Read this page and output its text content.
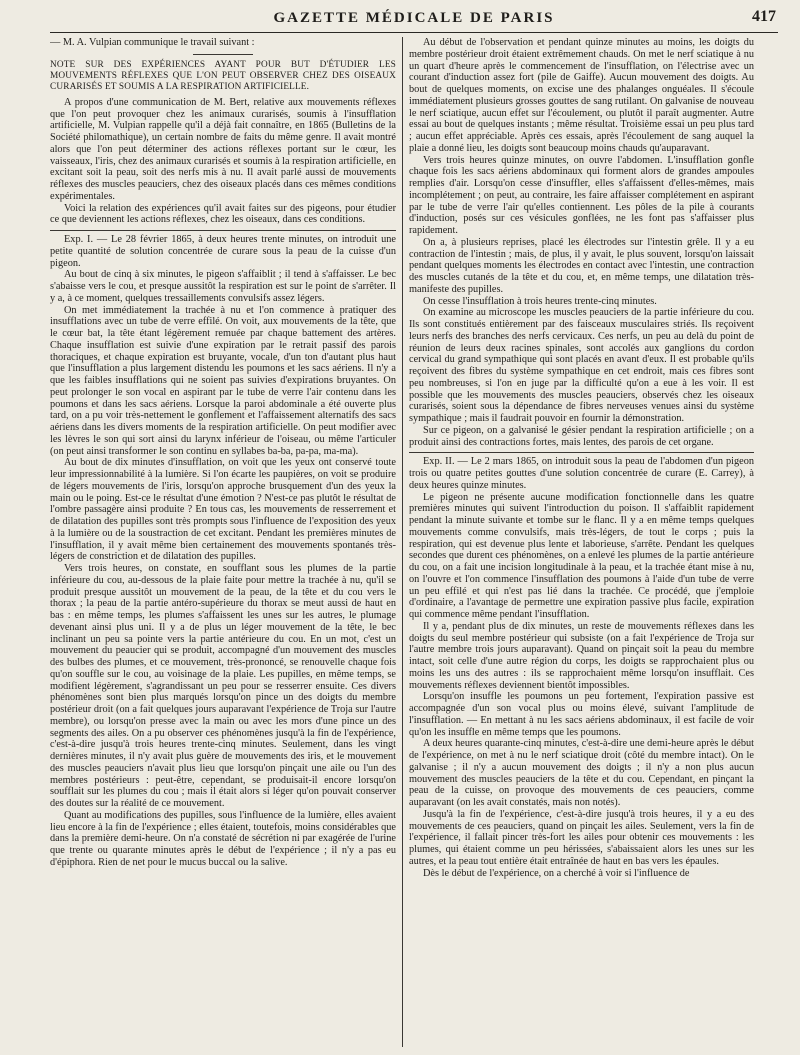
GAZETTE MÉDICALE DE PARIS	417

— M. A. Vulpian communique le travail suivant :

NOTE SUR DES EXPÉRIENCES AYANT POUR BUT D'ÉTUDIER LES MOUVEMENTS RÉFLEXES QUE L'ON PEUT OBSERVER CHEZ DES OISEAUX CURARISÉS ET SOUMIS A LA RESPIRATION ARTIFICIELLE.

A propos d'une communication de M. Bert, relative aux mouvements réflexes que l'on peut provoquer chez les animaux curarisés, soumis à l'insufflation artificielle, M. Vulpian rappelle qu'il a déjà fait connaître, en 1865 (Bulletins de la Société philomathique), un certain nombre de faits du même genre. Il avait montré alors que l'on peut déterminer des actions réflexes portant sur le cœur, les vaisseaux, l'iris, chez des animaux curarisés et soumis à la respiration artificielle, en excitant soit la peau, soit des nerfs mis à nu. Il avait parlé aussi de mouvements réflexes des muscles peauciers, chez des oiseaux placés dans ces mêmes conditions expérimentales.

Voici la relation des expériences qu'il avait faites sur des pigeons, pour étudier ce que deviennent les actions réflexes, chez les oiseaux, dans ces conditions.

Exp. I. — Le 28 février 1865, à deux heures trente minutes, on introduit une petite quantité de solution concentrée de curare sous la peau de la cuisse d'un pigeon.

Au bout de cinq à six minutes, le pigeon s'affaiblit ; il tend à s'affaisser. Le bec s'abaisse vers le cou, et presque aussitôt la respiration est sur le point de s'arrêter. Il y a, à ce moment, quelques tressaillements convulsifs assez légers.

On met immédiatement la trachée à nu et l'on commence à pratiquer des insufflations avec un tube de verre effilé. On voit, aux mouvements de la tête, que le cœur bat, la tête étant légèrement remuée par chaque battement des artères. Chaque insufflation est suivie d'une expiration par le retrait passif des parois thoraciques, et chaque expiration est bruyante, vocale, d'un ton d'autant plus haut que l'insufflation a plus largement distendu les poumons et les sacs aériens. Il n'y a que les faibles insufflations qui ne soient pas suivies d'expirations bruyantes. On peut prolonger le son vocal en aspirant par le tube de verre l'air contenu dans les poumons et dans les sacs aériens. Lorsque la paroi abdominale a été ouverte plus tard, on a pu voir très-nettement le gonflement et l'affaissement alternatifs des sacs aériens dans les divers moments de la respiration artificielle. On peut modifier avec les lèvres le son qui sort ainsi du larynx inférieur de l'oiseau, ou même l'articuler (on peut ainsi transformer le son continu en syllabes ba-ba, pa-pa, ma-ma).

Au bout de dix minutes d'insufflation, on voit que les yeux ont conservé toute leur impressionnabilité à la lumière. Si l'on écarte les paupières, on voit se produire de légers mouvements de l'iris, lorsqu'on approche brusquement d'un des yeux la main ou le poing. Est-ce le résultat d'une émotion ? N'est-ce pas plutôt le résultat de l'ombre passagère ainsi produite ? En tous cas, les mouvements de resserrement et de dilatation des pupilles sont très prompts sous l'influence de l'exposition des yeux à la lumière ou de la soustraction de cet excitant. Pendant les premières minutes de l'insufflation, il y avait même bien certainement des mouvements spontanés très-légers de constriction et de dilatation des pupilles.

Vers trois heures, on constate, en soufflant sous les plumes de la partie inférieure du cou, au-dessous de la plaie faite pour mettre la trachée à nu, qu'il se produit presque aussitôt un mouvement de la peau, de la tête et du cou vers le thorax ; la peau de la partie antéro-supérieure du thorax se meut aussi de haut en bas : en même temps, les plumes s'affaissent les unes sur les autres, le plumage devenant ainsi plus uni. Il y a de plus un léger mouvement de la tête, le bec inclinant un peu sa pointe vers la partie antérieure du cou. En un mot, c'est un mouvement du peaucier qui se produit, accompagné d'un mouvement des muscles des bulbes des plumes, et ce mouvement, très-prononcé, se renouvelle chaque fois qu'on souffle sur le cou, au voisinage de la plaie. Les pupilles, en même temps, se modifient légèrement, s'agrandissant un peu pour se resserrer ensuite. Ces divers phénomènes sont bien plus marqués lorsqu'on pince un des doigts du membre postérieur droit (on a fait quelques jours auparavant l'expérience de Troja sur l'autre membre), ou lorsqu'on presse avec la main ou avec les mors d'une pince un des segments des ailes. On a pu observer ces phénomènes jusqu'à la fin de l'expérience, c'est-à-dire jusqu'à trois heures trente-cinq minutes. Seulement, dans les vingt dernières minutes, il n'y avait plus guère de mouvements des iris, et le mouvement des muscles peauciers n'avait plus lieu que lorsqu'on pinçait une aile ou l'un des membres postérieurs : peut-être, cependant, se produisait-il encore lorsqu'on soufflait sur les plumes du cou ; mais il était alors si léger qu'on pouvait conserver des doutes sur la réalité de ce mouvement.

Quant au modifications des pupilles, sous l'influence de la lumière, elles avaient lieu encore à la fin de l'expérience ; elles étaient, toutefois, moins considérables que dans la première demi-heure. On n'a constaté de sécrétion ni par exagérée de l'urine que trente ou quarante minutes après le début de l'expérience ; il n'y a pas eu d'épiphora. Rien de net pour le mucus buccal ou la salive.

Au début de l'observation et pendant quinze minutes au moins, les doigts du membre postérieur droit étaient extrêmement chauds. On met le nerf sciatique à nu un quart d'heure après le commencement de l'insufflation, on l'électrise avec un courant d'induction assez fort (pile de Gaiffe). Aucun mouvement des doigts. Au bout de quelques moments, on excise une des phalanges onguéales. Il s'écoule immédiatement plusieurs grosses gouttes de sang rutilant. On galvanise de nouveau le nerf sciatique, aucun effet sur l'écoulement, ou plutôt il paraît augmenter. Autre essai au bout de quelques instants ; même résultat. Troisième essai un peu plus tard ; aucun effet appréciable. Après ces essais, après l'écoulement de sang auquel la plaie a donné lieu, les doigts sont beaucoup moins chauds qu'auparavant.

Vers trois heures quinze minutes, on ouvre l'abdomen. L'insufflation gonfle chaque fois les sacs aériens abdominaux qui forment alors de grandes ampoules remplies d'air. Lorsqu'on cesse d'insuffler, elles s'affaissent d'elles-mêmes, mais incomplétement ; on peut, au contraire, les faire affaisser complétement en aspirant par le tube de verre l'air qu'elles contiennent. Les pôles de la pile à courants d'induction, posés sur ces vésicules gonflées, ne les font pas s'affaisser plus rapidement.

On a, à plusieurs reprises, placé les électrodes sur l'intestin grêle. Il y a eu contraction de l'intestin ; mais, de plus, il y avait, le plus souvent, lorsqu'on laissait pendant quelques moments les électrodes en contact avec l'intestin, une contraction des muscles cutanés de la tête et du cou, et, en même temps, une dilatation très-manifeste des pupilles.

On cesse l'insufflation à trois heures trente-cinq minutes.

On examine au microscope les muscles peauciers de la partie inférieure du cou. Ils sont constitués entièrement par des faisceaux musculaires striés. Ils reçoivent leurs nerfs des branches des nerfs cervicaux. Ces nerfs, un peu au delà du point de réunion de leurs deux racines spinales, sont accolés aux ganglions du cordon cervical du grand sympathique qui sont placés en avant d'eux. Il est probable qu'ils reçoivent des fibres du système sympathique en cet endroit, mais ces fibres sont peu nombreuses, si l'on en juge par la difficulté qu'on a eue à les voir. Il est possible que les mouvements des muscles peauciers, observés chez les oiseaux curarisés, soient sous la dépendance de fibres nerveuses venues ainsi du système sympathique ; mais il faudrait pouvoir en fournir la démonstration.

Sur ce pigeon, on a galvanisé le gésier pendant la respiration artificielle ; on a produit ainsi des contractions fortes, mais lentes, des parois de cet organe.

Exp. II. — Le 2 mars 1865, on introduit sous la peau de l'abdomen d'un pigeon trois ou quatre petites gouttes d'une solution concentrée de curare (E. Carrey), à deux heures quinze minutes.

Le pigeon ne présente aucune modification fonctionnelle dans les quatre premières minutes qui suivent l'introduction du poison. Il s'affaiblit rapidement pendant la minute suivante et tombe sur le flanc. Il y a en même temps quelques mouvements comme convulsifs, mais très-légers, de tout le corps ; puis la respiration, qui est devenue plus lente et laborieuse, s'arrête. Pendant les quelques secondes que durent ces phénomènes, on a enlevé les plumes de la partie antérieure du cou, on a fait une incision longitudinale à la peau, et la trachée étant mise à nu, on l'ouvre et l'on commence l'insufflation des poumons à l'aide d'un tube de verre un peu effilé et qui n'est pas lié dans la trachée. Ce procédé, que j'emploie d'ordinaire, a l'avantage de permettre une expiration passive plus facile, expiration qui commence même pendant l'insufflation.

Il y a, pendant plus de dix minutes, un reste de mouvements réflexes dans les doigts du seul membre postérieur qui subsiste (on a fait l'expérience de Troja sur l'autre membre trois jours auparavant). Quand on pinçait soit la peau du membre intact, soit celle d'une autre région du corps, les doigts se rapprochaient plus ou moins les uns des autres : ils se rapprochaient même lorsqu'on insufflait. Ces mouvements réflexes deviennent bientôt impossibles.

Lorsqu'on insuffle les poumons un peu fortement, l'expiration passive est accompagnée d'un son vocal plus ou moins élevé, suivant l'amplitude de l'insufflation. — En mettant à nu les sacs aériens abdominaux, il est facile de voir qu'on les insuffle en même temps que les poumons.

A deux heures quarante-cinq minutes, c'est-à-dire une demi-heure après le début de l'expérience, on met à nu le nerf sciatique droit (côté du membre intact). On le galvanise ; il n'y a aucun mouvement des doigts ; il n'y a non plus aucun mouvement des muscles peauciers de la tête et du cou. Cependant, en pinçant la peau de la cuisse, on provoque des mouvements de ces peauciers, comme auparavant (on les avait constatés, mais non notés).

Jusqu'à la fin de l'expérience, c'est-à-dire jusqu'à trois heures, il y a eu des mouvements de ces peauciers, quand on pinçait les ailes. Seulement, vers la fin de l'expérience, il fallait pincer très-fort les ailes pour obtenir ces mouvements : les plumes, qui étaient comme un peu hérissées, s'abaissaient alors les unes sur les autres, et la peau tout entière était entraînée de haut en bas vers les épaules.

Dès le début de l'expérience, on a cherché à voir si l'influence de
